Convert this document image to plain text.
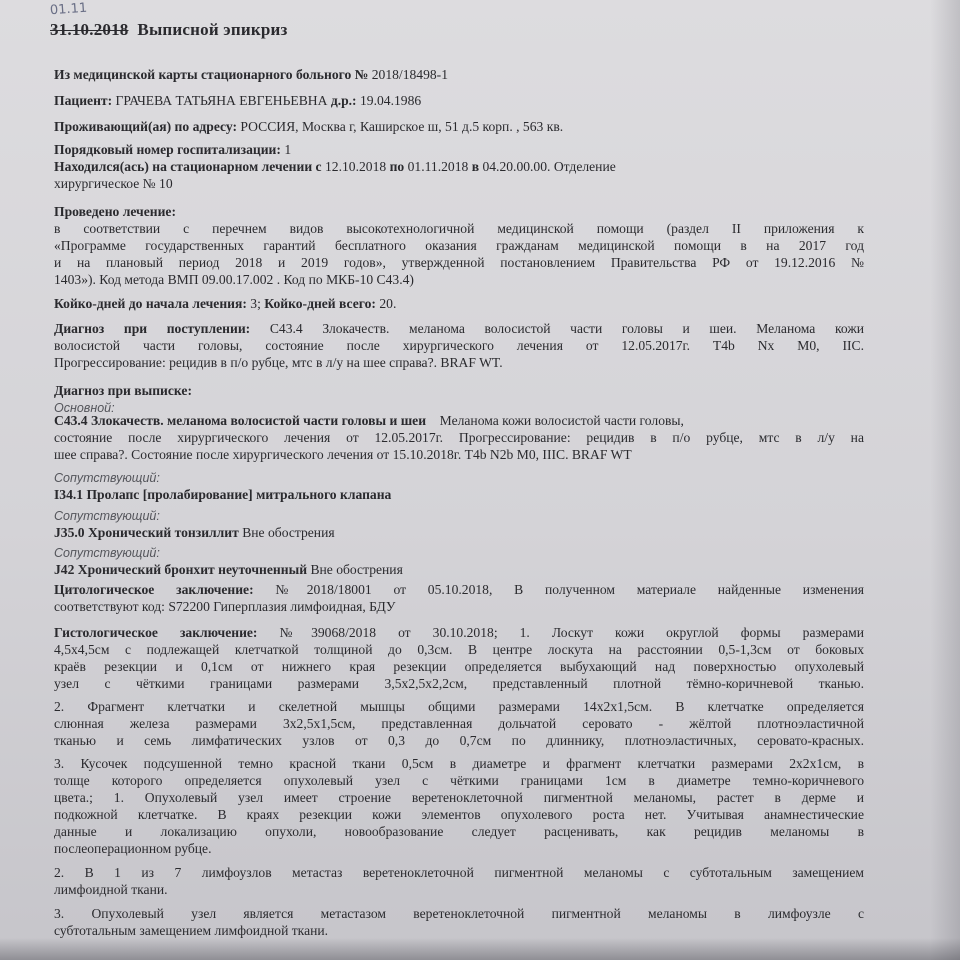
01.11
31.10.2018 Выписной эпикриз
Из медицинской карты стационарного больного № 2018/18498-1
Пациент: ГРАЧЕВА ТАТЬЯНА ЕВГЕНЬЕВНА д.р.: 19.04.1986
Проживающий(ая) по адресу: РОССИЯ, Москва г, Каширское ш, 51 д.5 корп. , 563 кв.
Порядковый номер госпитализации: 1
Находился(ась) на стационарном лечении с 12.10.2018 по 01.11.2018 в 04.20.00.00. Отделение
хирургическое № 10
Проведено лечение:
в соответствии с перечнем видов высокотехнологичной медицинской помощи (раздел II приложения к
«Программе государственных гарантий бесплатного оказания гражданам медицинской помощи в на 2017 год
и на плановый период 2018 и 2019 годов», утвержденной постановлением Правительства РФ от 19.12.2016 №
1403»). Код метода ВМП 09.00.17.002 . Код по МКБ-10 С43.4)
Койко-дней до начала лечения: 3; Койко-дней всего: 20.
Диагноз при поступлении: С43.4 Злокачеств. меланома волосистой части головы и шеи. Меланома кожи
волосистой части головы, состояние после хирургического лечения от 12.05.2017г. T4b Nx M0, IIC.
Прогрессирование: рецидив в п/о рубце, мтс в л/у на шее справа?. BRAF WT.
Диагноз при выписке:
Основной:
С43.4 Злокачеств. меланома волосистой части головы и шеи Меланома кожи волосистой части головы,
состояние после хирургического лечения от 12.05.2017г. Прогрессирование: рецидив в п/о рубце, мтс в л/у на
шее справа?. Состояние после хирургического лечения от 15.10.2018г. T4b N2b M0, IIIC. BRAF WT
Сопутствующий:
I34.1 Пролапс [пролабирование] митрального клапана
Сопутствующий:
J35.0 Хронический тонзиллит Вне обострения
Сопутствующий:
J42 Хронический бронхит неуточненный Вне обострения
Цитологическое заключение: №2018/18001 от 05.10.2018, В полученном материале найденные изменения
соответствуют код: S72200 Гиперплазия лимфоидная, БДУ
Гистологическое заключение: №39068/2018 от 30.10.2018; 1. Лоскут кожи округлой формы размерами
4,5х4,5см с подлежащей клетчаткой толщиной до 0,3см. В центре лоскута на расстоянии 0,5-1,3см от боковых
краёв резекции и 0,1см от нижнего края резекции определяется выбухающий над поверхностью опухолевый
узел с чёткими границами размерами 3,5х2,5х2,2см, представленный плотной тёмно-коричневой тканью.
2. Фрагмент клетчатки и скелетной мышцы общими размерами 14х2х1,5см. В клетчатке определяется
слюнная железа размерами 3х2,5х1,5см, представленная дольчатой серовато - жёлтой плотноэластичной
тканью и семь лимфатических узлов от 0,3 до 0,7см по длиннику, плотноэластичных, серовато-красных.
3. Кусочек подсушенной темно красной ткани 0,5см в диаметре и фрагмент клетчатки размерами 2х2х1см, в
толще которого определяется опухолевый узел с чёткими границами 1см в диаметре темно-коричневого
цвета.; 1. Опухолевый узел имеет строение веретеноклеточной пигментной меланомы, растет в дерме и
подкожной клетчатке. В краях резекции кожи элементов опухолевого роста нет. Учитывая анамнестические
данные и локализацию опухоли, новообразование следует расценивать, как рецидив меланомы в
послеоперационном рубце.
2. В 1 из 7 лимфоузлов метастаз веретеноклеточной пигментной меланомы с субтотальным замещением
лимфоидной ткани.
3. Опухолевый узел является метастазом веретеноклеточной пигментной меланомы в лимфоузле с
субтотальным замещением лимфоидной ткани.
